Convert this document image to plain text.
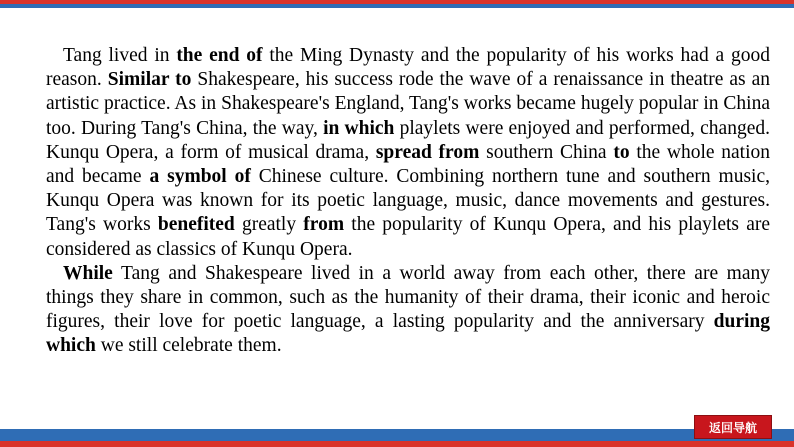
Tang lived in the end of the Ming Dynasty and the popularity of his works had a good reason. Similar to Shakespeare, his success rode the wave of a renaissance in theatre as an artistic practice. As in Shakespeare's England, Tang's works became hugely popular in China too. During Tang's China, the way, in which playlets were enjoyed and performed, changed. Kunqu Opera, a form of musical drama, spread from southern China to the whole nation and became a symbol of Chinese culture. Combining northern tune and southern music, Kunqu Opera was known for its poetic language, music, dance movements and gestures. Tang's works benefited greatly from the popularity of Kunqu Opera, and his playlets are considered as classics of Kunqu Opera.

While Tang and Shakespeare lived in a world away from each other, there are many things they share in common, such as the humanity of their drama, their iconic and heroic figures, their love for poetic language, a lasting popularity and the anniversary during which we still celebrate them.

返回导航
